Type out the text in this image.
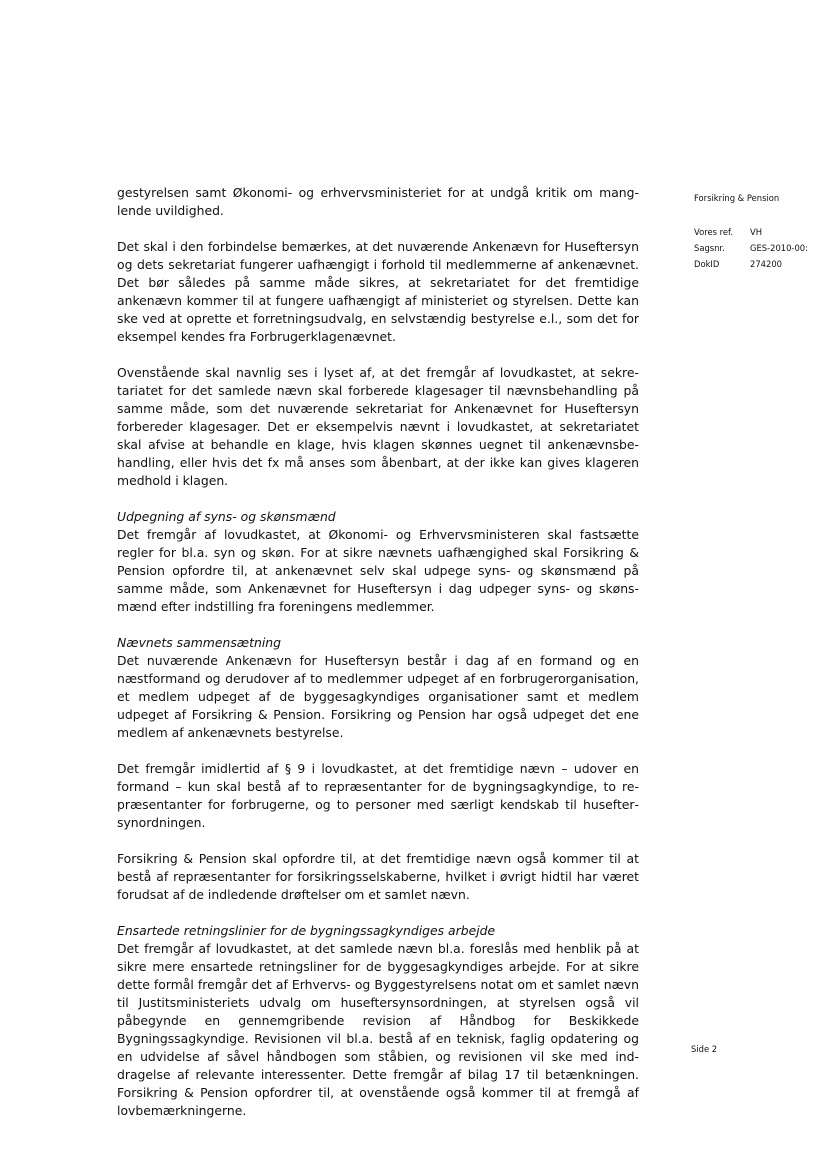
gestyrelsen samt Økonomi- og erhvervsministeriet for at undgå kritik om manglende uvildighed.

Det skal i den forbindelse bemærkes, at det nuværende Ankenævn for Huseftersyn og dets sekretariat fungerer uafhængigt i forhold til medlemmerne af ankenævnet. Det bør således på samme måde sikres, at sekretariatet for det fremtidige ankenævn kommer til at fungere uafhængigt af ministeriet og styrelsen. Dette kan ske ved at oprette et forretningsudvalg, en selvstændig bestyrelse e.l., som det for eksempel kendes fra Forbrugerklagenævnet.

Ovenstående skal navnlig ses i lyset af, at det fremgår af lovudkastet, at sekretariatet for det samlede nævn skal forberede klagesager til nævnsbehandling på samme måde, som det nuværende sekretariat for Ankenævnet for Huseftersyn forbereder klagesager. Det er eksempelvis nævnt i lovudkastet, at sekretariatet skal afvise at behandle en klage, hvis klagen skønnes uegnet til ankenævnsbehandling, eller hvis det fx må anses som åbenbart, at der ikke kan gives klageren medhold i klagen.

Udpegning af syns- og skønsmænd

Det fremgår af lovudkastet, at Økonomi- og Erhvervsministeren skal fastsætte regler for bl.a. syn og skøn. For at sikre nævnets uafhængighed skal Forsikring & Pension opfordre til, at ankenævnet selv skal udpege syns- og skønsmænd på samme måde, som Ankenævnet for Huseftersyn i dag udpeger syns- og skønsmænd efter indstilling fra foreningens medlemmer.

Nævnets sammensætning

Det nuværende Ankenævn for Huseftersyn består i dag af en formand og en næstformand og derudover af to medlemmer udpeget af en forbrugerorganisation, et medlem udpeget af de byggesagkyndiges organisationer samt et medlem udpeget af Forsikring & Pension. Forsikring og Pension har også udpeget det ene medlem af ankenævnets bestyrelse.

Det fremgår imidlertid af § 9 i lovudkastet, at det fremtidige nævn – udover en formand – kun skal bestå af to repræsentanter for de bygningsagkyndige, to repræsentanter for forbrugerne, og to personer med særligt kendskab til huseftersynordningen.

Forsikring & Pension skal opfordre til, at det fremtidige nævn også kommer til at bestå af repræsentanter for forsikringsselskaberne, hvilket i øvrigt hidtil har været forudsat af de indledende drøftelser om et samlet nævn.

Ensartede retningslinier for de bygningssagkyndiges arbejde

Det fremgår af lovudkastet, at det samlede nævn bl.a. foreslås med henblik på at sikre mere ensartede retningsliner for de byggesagkyndiges arbejde. For at sikre dette formål fremgår det af Erhvervs- og Byggestyrelsens notat om et samlet nævn til Justitsministeriets udvalg om huseftersynsordningen, at styrelsen også vil påbegynde en gennemgribende revision af Håndbog for Beskikkede Bygningssagkyndige. Revisionen vil bl.a. bestå af en teknisk, faglig opdatering og en udvidelse af såvel håndbogen som ståbien, og revisionen vil ske med inddragelse af relevante interessenter. Dette fremgår af bilag 17 til betænkningen. Forsikring & Pension opfordrer til, at ovenstående også kommer til at fremgå af lovbemærkningerne.

Forsikring & Pension
Vores ref.	VH
Sagsnr.	GES-2010-00:
DokID	274200
Side 2
